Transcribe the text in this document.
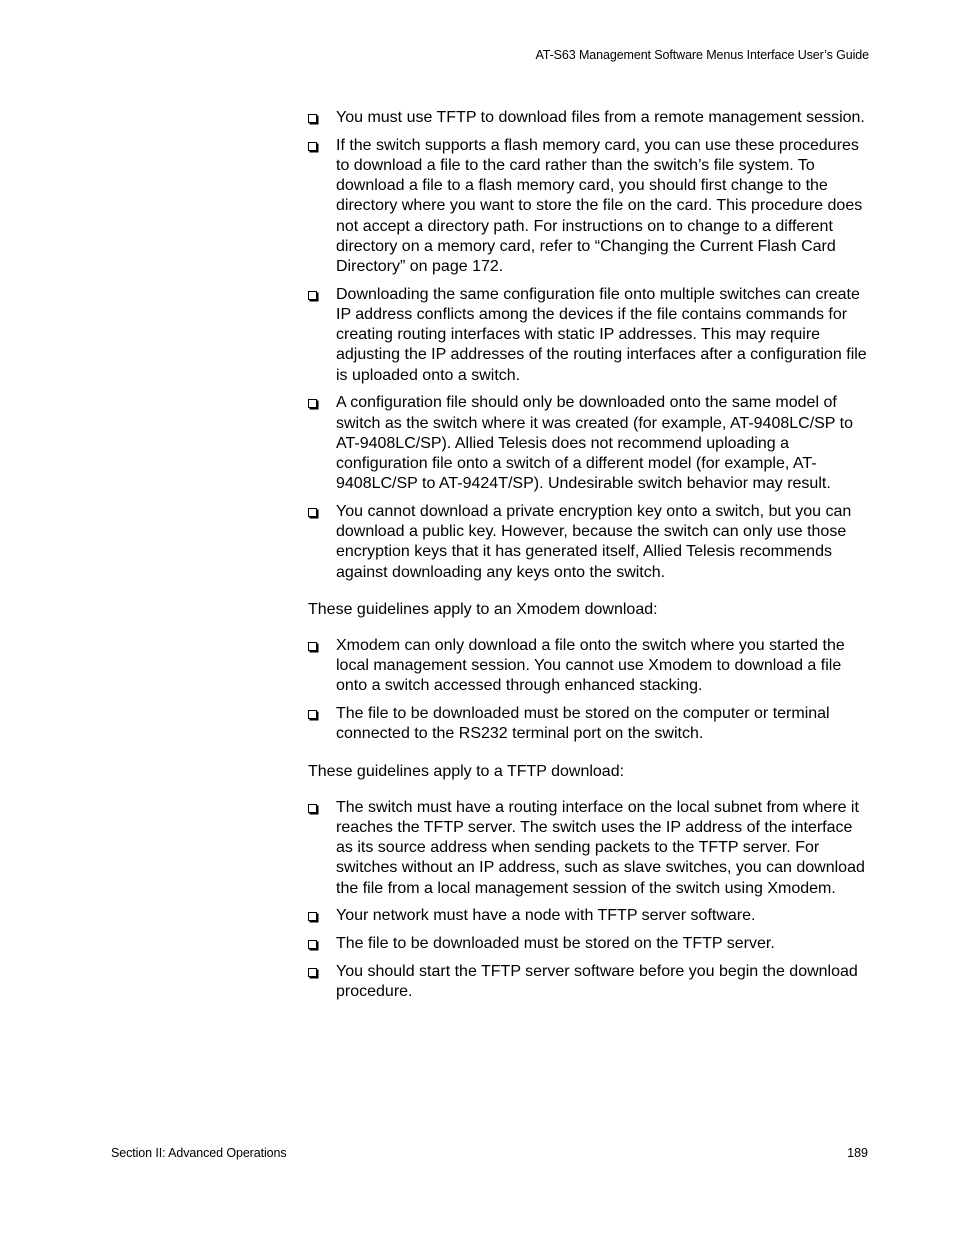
AT-S63 Management Software Menus Interface User’s Guide
You must use TFTP to download files from a remote management session.
If the switch supports a flash memory card, you can use these procedures to download a file to the card rather than the switch’s file system. To download a file to a flash memory card, you should first change to the directory where you want to store the file on the card. This procedure does not accept a directory path. For instructions on to change to a different directory on a memory card, refer to “Changing the Current Flash Card Directory” on page 172.
Downloading the same configuration file onto multiple switches can create IP address conflicts among the devices if the file contains commands for creating routing interfaces with static IP addresses. This may require adjusting the IP addresses of the routing interfaces after a configuration file is uploaded onto a switch.
A configuration file should only be downloaded onto the same model of switch as the switch where it was created (for example, AT-9408LC/SP to AT-9408LC/SP). Allied Telesis does not recommend uploading a configuration file onto a switch of a different model (for example, AT-9408LC/SP to AT-9424T/SP). Undesirable switch behavior may result.
You cannot download a private encryption key onto a switch, but you can download a public key. However, because the switch can only use those encryption keys that it has generated itself, Allied Telesis recommends against downloading any keys onto the switch.

These guidelines apply to an Xmodem download:

Xmodem can only download a file onto the switch where you started the local management session. You cannot use Xmodem to download a file onto a switch accessed through enhanced stacking.
The file to be downloaded must be stored on the computer or terminal connected to the RS232 terminal port on the switch.

These guidelines apply to a TFTP download:

The switch must have a routing interface on the local subnet from where it reaches the TFTP server. The switch uses the IP address of the interface as its source address when sending packets to the TFTP server. For switches without an IP address, such as slave switches, you can download the file from a local management session of the switch using Xmodem.
Your network must have a node with TFTP server software.
The file to be downloaded must be stored on the TFTP server.
You should start the TFTP server software before you begin the download procedure.
Section II: Advanced Operations	189
